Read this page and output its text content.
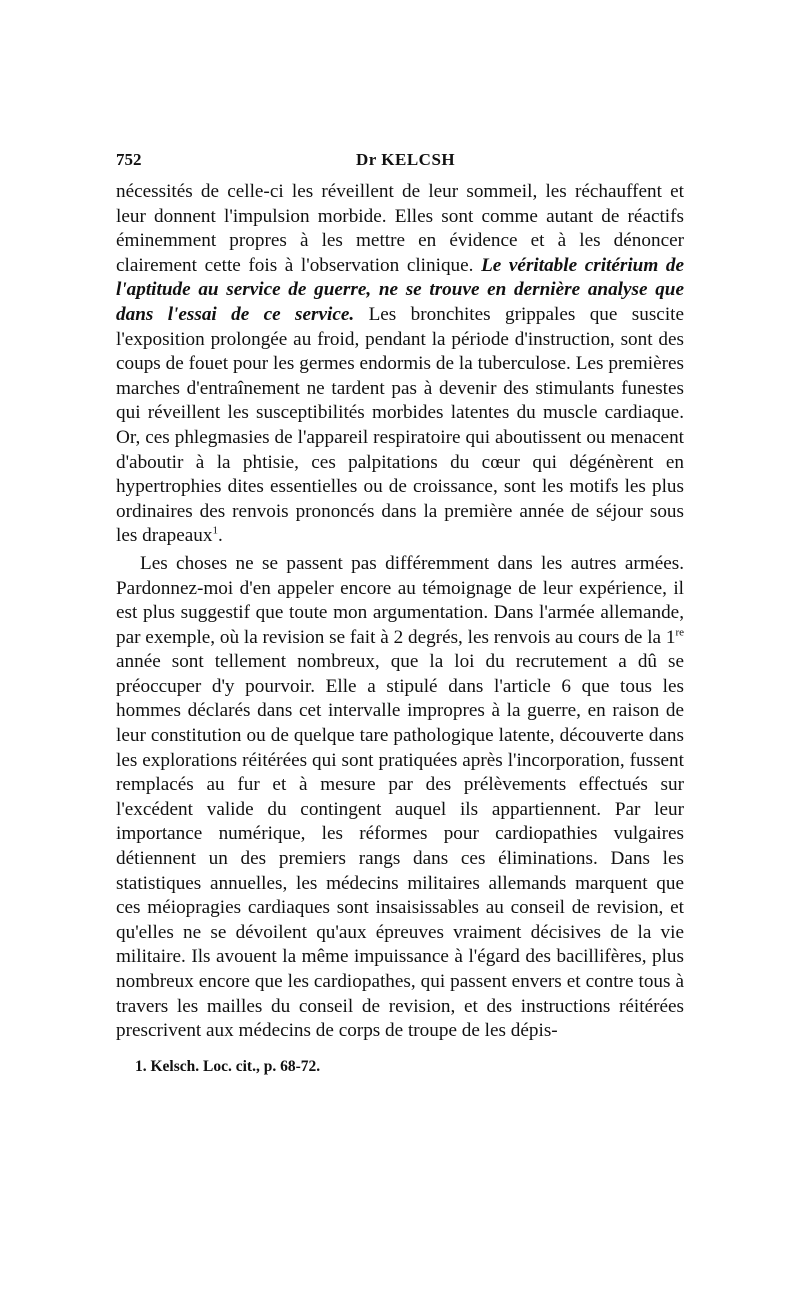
752	Dr KELCSH

nécessités de celle-ci les réveillent de leur sommeil, les réchauffent et leur donnent l'impulsion morbide. Elles sont comme autant de réactifs éminemment propres à les mettre en évidence et à les dénoncer clairement cette fois à l'observation clinique. Le véritable critérium de l'aptitude au service de guerre, ne se trouve en dernière analyse que dans l'essai de ce service. Les bronchites grippales que suscite l'exposition prolongée au froid, pendant la période d'instruction, sont des coups de fouet pour les germes endormis de la tuberculose. Les premières marches d'entraînement ne tardent pas à devenir des stimulants funestes qui réveillent les susceptibilités morbides latentes du muscle cardiaque. Or, ces phlegmasies de l'appareil respiratoire qui aboutissent ou menacent d'aboutir à la phtisie, ces palpitations du cœur qui dégénèrent en hypertrophies dites essentielles ou de croissance, sont les motifs les plus ordinaires des renvois prononcés dans la première année de séjour sous les drapeaux$^1$.

Les choses ne se passent pas différemment dans les autres armées. Pardonnez-moi d'en appeler encore au témoignage de leur expérience, il est plus suggestif que toute mon argumentation. Dans l'armée allemande, par exemple, où la revision se fait à 2 degrés, les renvois au cours de la 1re année sont tellement nombreux, que la loi du recrutement a dû se préoccuper d'y pourvoir. Elle a stipulé dans l'article 6 que tous les hommes déclarés dans cet intervalle impropres à la guerre, en raison de leur constitution ou de quelque tare pathologique latente, découverte dans les explorations réitérées qui sont pratiquées après l'incorporation, fussent remplacés au fur et à mesure par des prélèvements effectués sur l'excédent valide du contingent auquel ils appartiennent. Par leur importance numérique, les réformes pour cardiopathies vulgaires détiennent un des premiers rangs dans ces éliminations. Dans les statistiques annuelles, les médecins militaires allemands marquent que ces méiopragies cardiaques sont insaisissables au conseil de revision, et qu'elles ne se dévoilent qu'aux épreuves vraiment décisives de la vie militaire. Ils avouent la même impuissance à l'égard des bacillifères, plus nombreux encore que les cardiopathes, qui passent envers et contre tous à travers les mailles du conseil de revision, et des instructions réitérées prescrivent aux médecins de corps de troupe de les dépis-

1. Kelsch. Loc. cit., p. 68-72.
